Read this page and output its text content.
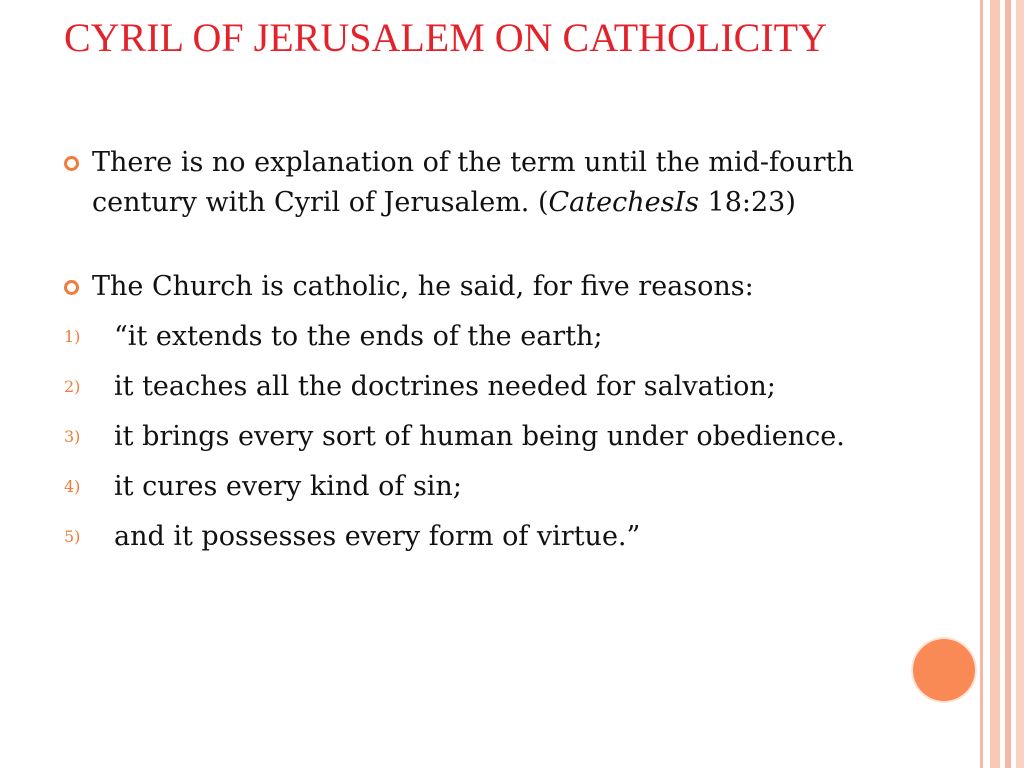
CYRIL OF JERUSALEM ON CATHOLICITY
There is no explanation of the term until the mid-fourth century with Cyril of Jerusalem. (CatechesIs 18:23)
The Church is catholic, he said, for five reasons:
1) “it extends to the ends of the earth;
2) it teaches all the doctrines needed for salvation;
3) it brings every sort of human being under obedience.
4) it cures every kind of sin;
5) and it possesses every form of virtue.”
